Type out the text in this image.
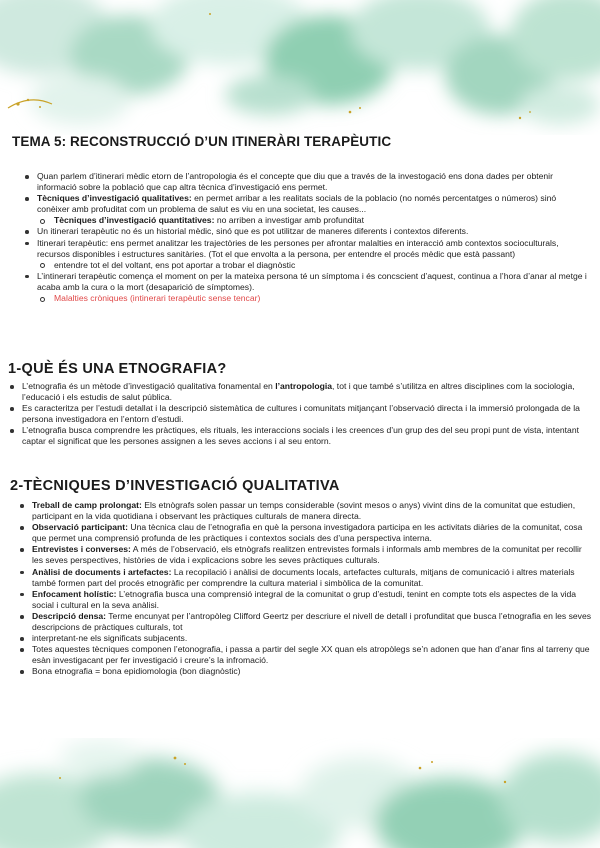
TEMA 5: RECONSTRUCCIÓ D’UN ITINERÀRI TERAPÈUTIC
Quan parlem d’itinerari mèdic etorn de l’antropologia és el concepte que diu que a través de la investogació ens dona dades per obtenir informació sobre la població que cap altra tècnica d’investigació ens permet.
Tècniques d’investigació qualitatives: en permet arribar a les realitats socials de la poblacio (no només percentatges o números) sinó conèixer amb profuditat com un problema de salut es viu en una societat, les causes...
Tècniques d’investigació quantitatives: no arriben a investigar amb profunditat
Un itinerari terapèutic no és un historial mèdic, sinó que es pot utilitzar de maneres diferents i contextos diferents.
Itinerari terapèutic: ens permet analitzar les trajectòries de les persones per afrontar malalties en interacció amb contextos socioculturals, recursos disponibles i estructures sanitàries. (Tot el que envolta a la persona, per entendre el procés mèdic que està passant)
entendre tot el del voltant, ens pot aportar a trobar el diagnòstic
L’intinerari terapèutic comença el moment on per la mateixa persona té un símptoma i és concscient d’aquest, continua a l’hora d’anar al metge i acaba amb la cura o la mort (desaparició de símptomes).
Malalties cròniques (intinerari terapèutic sense tencar)
1-QUÈ ÉS UNA ETNOGRAFIA?
L’etnografia és un mètode d’investigació qualitativa fonamental en l’antropologia, tot i que també s’utilitza en altres disciplines com la sociologia, l’educació i els estudis de salut pública.
Es caracteritza per l’estudi detallat i la descripció sistemàtica de cultures i comunitats mitjançant l’observació directa i la immersió prolongada de la persona investigadora en l’entorn d’estudi.
L’etnografia busca comprendre les pràctiques, els rituals, les interaccions socials i les creences d’un grup des del seu propi punt de vista, intentant captar el significat que les persones assignen a les seves accions i al seu entorn.
2-TÈCNIQUES D’INVESTIGACIÓ QUALITATIVA
Treball de camp prolongat: Els etnògrafs solen passar un temps considerable (sovint mesos o anys) vivint dins de la comunitat que estudien, participant en la vida quotidiana i observant les pràctiques culturals de manera directa.
Observació participant: Una tècnica clau de l’etnografia en què la persona investigadora participa en les activitats diàries de la comunitat, cosa que permet una comprensió profunda de les pràctiques i contextos socials des d’una perspectiva interna.
Entrevistes i converses: A més de l’observació, els etnògrafs realitzen entrevistes formals i informals amb membres de la comunitat per recollir les seves perspectives, històries de vida i explicacions sobre les seves pràctiques culturals.
Anàlisi de documents i artefactes: La recopilació i anàlisi de documents locals, artefactes culturals, mitjans de comunicació i altres materials també formen part del procés etnogràfic per comprendre la cultura material i simbòlica de la comunitat.
Enfocament holístic: L’etnografia busca una comprensió integral de la comunitat o grup d’estudi, tenint en compte tots els aspectes de la vida social i cultural en la seva anàlisi.
Descripció densa: Terme encunyat per l’antropòleg Clifford Geertz per descriure el nivell de detall i profunditat que busca l’etnografia en les seves descripcions de pràctiques culturals, tot
interpretant-ne els significats subjacents.
Totes aquestes tècniques componen l’etonografia, i passa a partir del segle XX quan els atropòlegs se’n adonen que han d’anar fins al tarreny que esàn investigacant per fer investigació i creure’s la infromació.
Bona etnografia = bona epidiomologia (bon diagnòstic)
